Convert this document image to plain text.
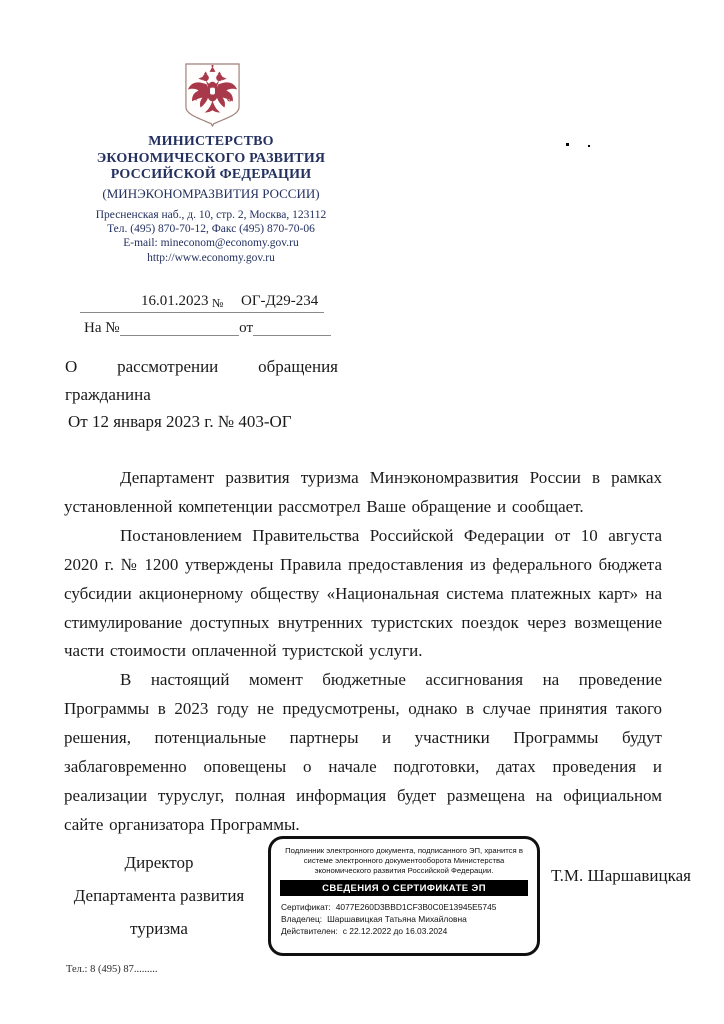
МИНИСТЕРСТВО
ЭКОНОМИЧЕСКОГО РАЗВИТИЯ
РОССИЙСКОЙ ФЕДЕРАЦИИ
(МИНЭКОНОМРАЗВИТИЯ РОССИИ)
Пресненская наб., д. 10, стр. 2, Москва, 123112
Тел. (495) 870-70-12, Факс (495) 870-70-06
E-mail: mineconom@economy.gov.ru
http://www.economy.gov.ru
16.01.2023 № ОГ-Д29-234
На №	от
О рассмотрении обращения
гражданина
От 12 января 2023 г. № 403-ОГ

Департамент развития туризма Минэкономразвития России в рамках установленной компетенции рассмотрел Ваше обращение и сообщает.

Постановлением Правительства Российской Федерации от 10 августа 2020 г. № 1200 утверждены Правила предоставления из федерального бюджета субсидии акционерному обществу «Национальная система платежных карт» на стимулирование доступных внутренних туристских поездок через возмещение части стоимости оплаченной туристской услуги.

В настоящий момент бюджетные ассигнования на проведение Программы в 2023 году не предусмотрены, однако в случае принятия такого решения, потенциальные партнеры и участники Программы будут заблаговременно оповещены о начале подготовки, датах проведения и реализации туруслуг, полная информация будет размещена на официальном сайте организатора Программы.

Директор
Департамента развития
туризма
Подлинник электронного документа, подписанного ЭП, хранится в системе электронного документооборота Министерства экономического развития Российской Федерации.
СВЕДЕНИЯ О СЕРТИФИКАТЕ ЭП
Сертификат: 4077E260D3BBD1CF3B0C0E13945E5745
Владелец: Шаршавицкая Татьяна Михайловна
Действителен: с 22.12.2022 до 16.03.2024
Т.М. Шаршавицкая
Тел.: 8 (495) 87.........
